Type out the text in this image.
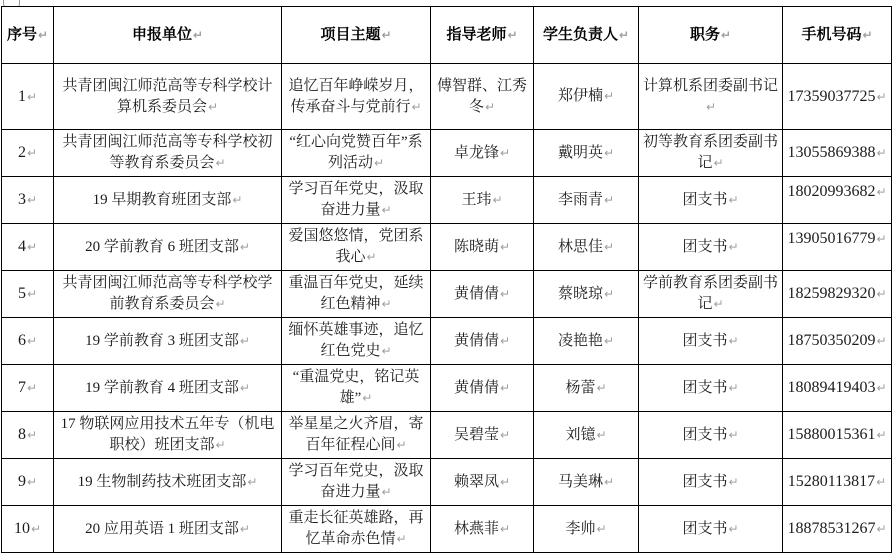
序号↵	申报单位↵	项目主题↵	指导老师↵	学生负责人↵	职务↵	手机号码↵
1↵	共青团闽江师范高等专科学校计算机系委员会↵	追忆百年峥嵘岁月，传承奋斗与党前行↵	傅智群、江秀冬↵	郑伊楠↵	计算机系团委副书记↵	17359037725↵
2↵	共青团闽江师范高等专科学校初等教育系委员会↵	“红心向党赞百年”系列活动↵	卓龙锋↵	戴明英↵	初等教育系团委副书记↵	13055869388↵
3↵	19 早期教育班团支部↵	学习百年党史，汲取奋进力量↵	王玮↵	李雨青↵	团支书↵	18020993682↵
4↵	20 学前教育 6 班团支部↵	爱国悠悠情，党团系我心↵	陈晓萌↵	林思佳↵	团支书↵	13905016779↵
5↵	共青团闽江师范高等专科学校学前教育系委员会↵	重温百年党史，延续红色精神↵	黄倩倩↵	蔡晓琼↵	学前教育系团委副书记↵	18259829320↵
6↵	19 学前教育 3 班团支部↵	缅怀英雄事迹，追忆红色党史↵	黄倩倩↵	凌艳艳↵	团支书↵	18750350209↵
7↵	19 学前教育 4 班团支部↵	“重温党史，铭记英雄”↵	黄倩倩↵	杨蕾↵	团支书↵	18089419403↵
8↵	17 物联网应用技术五年专（机电职校）班团支部↵	举星星之火齐眉，寄百年征程心间↵	吴碧莹↵	刘镱↵	团支书↵	15880015361↵
9↵	19 生物制药技术班团支部↵	学习百年党史，汲取奋进力量↵	赖翠凤↵	马美琳↵	团支书↵	15280113817↵
10↵	20 应用英语 1 班团支部↵	重走长征英雄路，再忆革命赤色情↵	林燕菲↵	李帅↵	团支书↵	18878531267↵
